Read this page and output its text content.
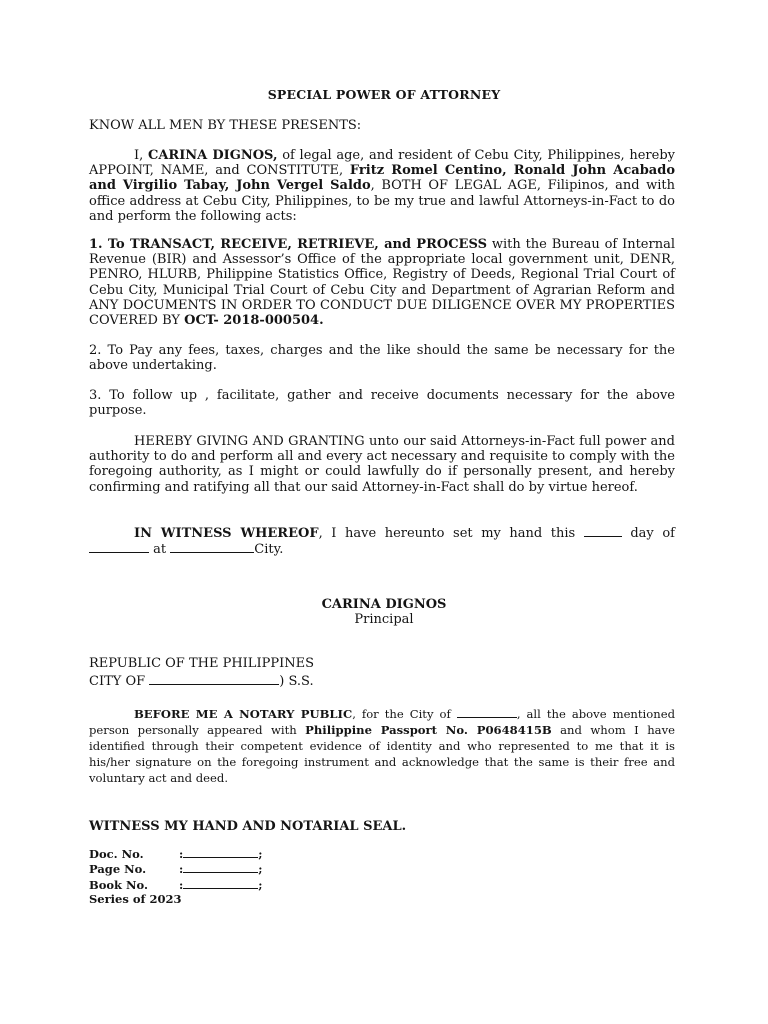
SPECIAL POWER OF ATTORNEY
KNOW ALL MEN BY THESE PRESENTS:
I, CARINA DIGNOS, of legal age, and resident of Cebu City, Philippines, hereby APPOINT, NAME, and CONSTITUTE, Fritz Romel Centino, Ronald John Acabado and Virgilio Tabay, John Vergel Saldo, BOTH OF LEGAL AGE, Filipinos, and with office address at Cebu City, Philippines, to be my true and lawful Attorneys-in-Fact to do and perform the following acts:
1. To TRANSACT, RECEIVE, RETRIEVE, and PROCESS with the Bureau of Internal Revenue (BIR) and Assessor’s Office of the appropriate local government unit, DENR, PENRO, HLURB, Philippine Statistics Office, Registry of Deeds, Regional Trial Court of Cebu City, Municipal Trial Court of Cebu City and Department of Agrarian Reform and ANY DOCUMENTS IN ORDER TO CONDUCT DUE DILIGENCE OVER MY PROPERTIES COVERED BY OCT- 2018-000504.
2. To Pay any fees, taxes, charges and the like should the same be necessary for the above undertaking.
3. To follow up , facilitate, gather and receive documents necessary for the above purpose.
HEREBY GIVING AND GRANTING unto our said Attorneys-in-Fact full power and authority to do and perform all and every act necessary and requisite to comply with the foregoing authority, as I might or could lawfully do if personally present, and hereby confirming and ratifying all that our said Attorney-in-Fact shall do by virtue hereof.
IN WITNESS WHEREOF, I have hereunto set my hand this	day of  at	City.
CARINA DIGNOS
Principal
REPUBLIC OF THE PHILIPPINES
CITY OF	) S.S.
BEFORE ME A NOTARY PUBLIC, for the City of	, all the above mentioned person personally appeared with Philippine Passport No. P0648415B and whom I have identified through their competent evidence of identity and who represented to me that it is his/her signature on the foregoing instrument and acknowledge that the same is their free and voluntary act and deed.
WITNESS MY HAND AND NOTARIAL SEAL.
Doc. No.	:	;
Page No.	:	;
Book No.	:	;
Series of 2023
